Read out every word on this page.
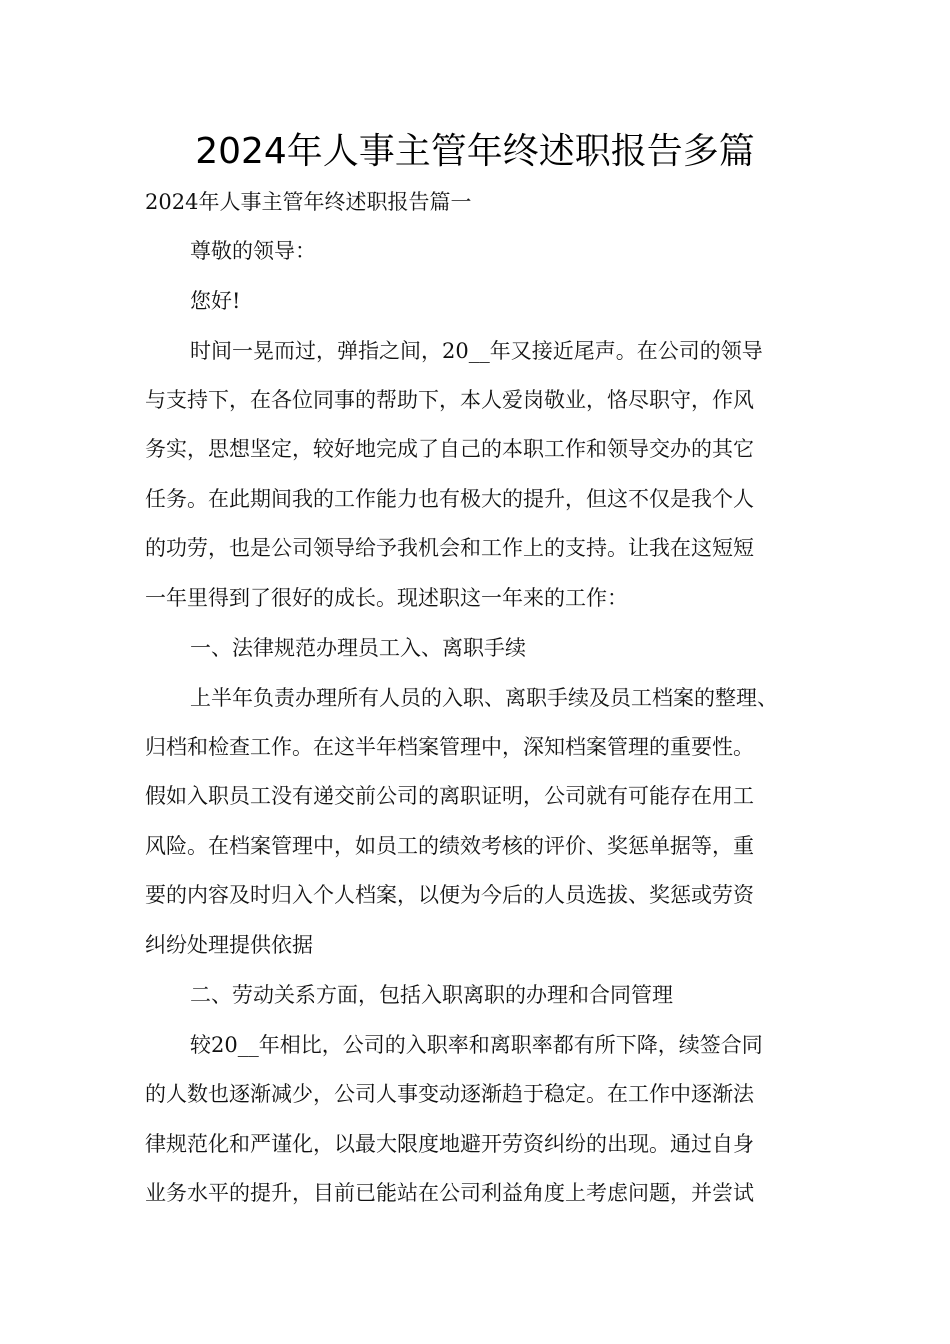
2024年人事主管年终述职报告多篇
2024年人事主管年终述职报告篇一
尊敬的领导：
您好!
时间一晃而过，弹指之间，20__年又接近尾声。在公司的领导
与支持下，在各位同事的帮助下，本人爱岗敬业，恪尽职守，作风
务实，思想坚定，较好地完成了自己的本职工作和领导交办的其它
任务。在此期间我的工作能力也有极大的提升，但这不仅是我个人
的功劳，也是公司领导给予我机会和工作上的支持。让我在这短短
一年里得到了很好的成长。现述职这一年来的工作：
一、法律规范办理员工入、离职手续
上半年负责办理所有人员的入职、离职手续及员工档案的整理、
归档和检查工作。在这半年档案管理中，深知档案管理的重要性。
假如入职员工没有递交前公司的离职证明，公司就有可能存在用工
风险。在档案管理中，如员工的绩效考核的评价、奖惩单据等，重
要的内容及时归入个人档案，以便为今后的人员选拔、奖惩或劳资
纠纷处理提供依据
二、劳动关系方面，包括入职离职的办理和合同管理
较20__年相比，公司的入职率和离职率都有所下降，续签合同
的人数也逐渐减少，公司人事变动逐渐趋于稳定。在工作中逐渐法
律规范化和严谨化，以最大限度地避开劳资纠纷的出现。通过自身
业务水平的提升，目前已能站在公司利益角度上考虑问题，并尝试
